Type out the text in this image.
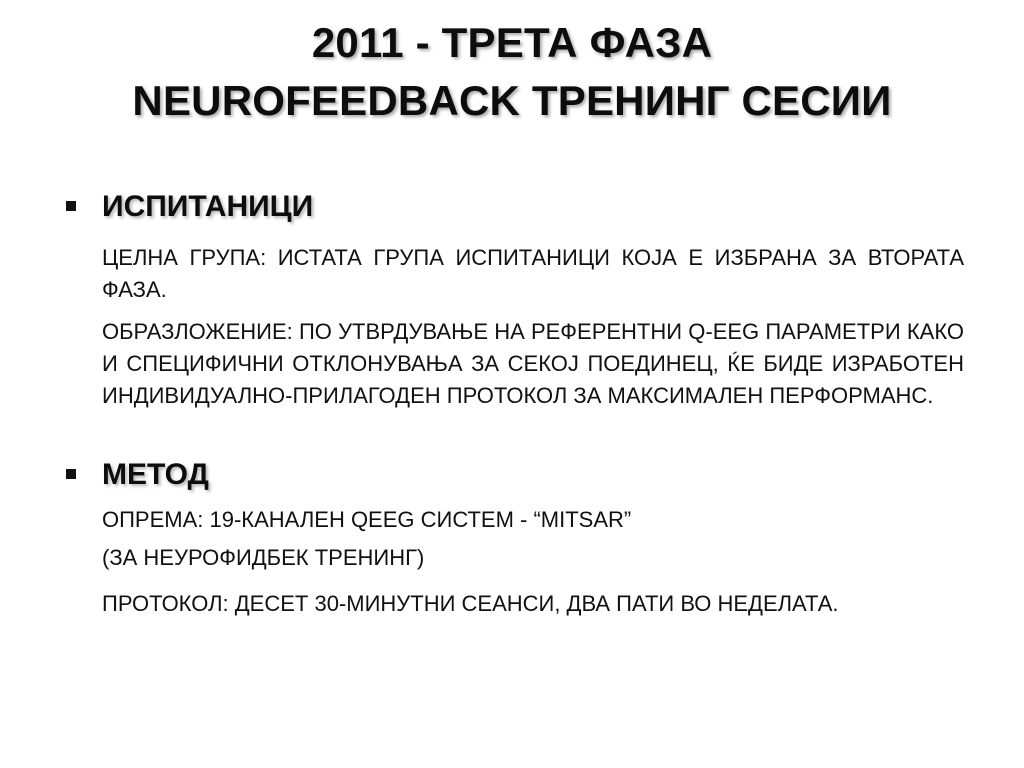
2011 - ТРЕТА ФАЗА
NEUROFEEDBACK ТРЕНИНГ СЕСИИ
ИСПИТАНИЦИ

ЦЕЛНА ГРУПА: ИСТАТА ГРУПА ИСПИТАНИЦИ КОЈА Е ИЗБРАНА ЗА ВТОРАТА ФАЗА.

ОБРАЗЛОЖЕНИЕ: ПО УТВРДУВАЊЕ НА РЕФЕРЕНТНИ Q-EEG ПАРАМЕТРИ КАКО И СПЕЦИФИЧНИ ОТКЛОНУВАЊА ЗА СЕКОЈ ПОЕДИНЕЦ, ЌЕ БИДЕ ИЗРАБОТЕН ИНДИВИДУАЛНО-ПРИЛАГОДЕН ПРОТОКОЛ ЗА МАКСИМАЛЕН ПЕРФОРМАНС.

МЕТОД

ОПРЕМА: 19-КАНАЛЕН QEEG СИСТЕМ - “MITSAR”

(ЗА НЕУРОФИДБЕК ТРЕНИНГ)

ПРОТОКОЛ: ДЕСЕТ 30-МИНУТНИ СЕАНСИ, ДВА ПАТИ ВО НЕДЕЛАТА.
